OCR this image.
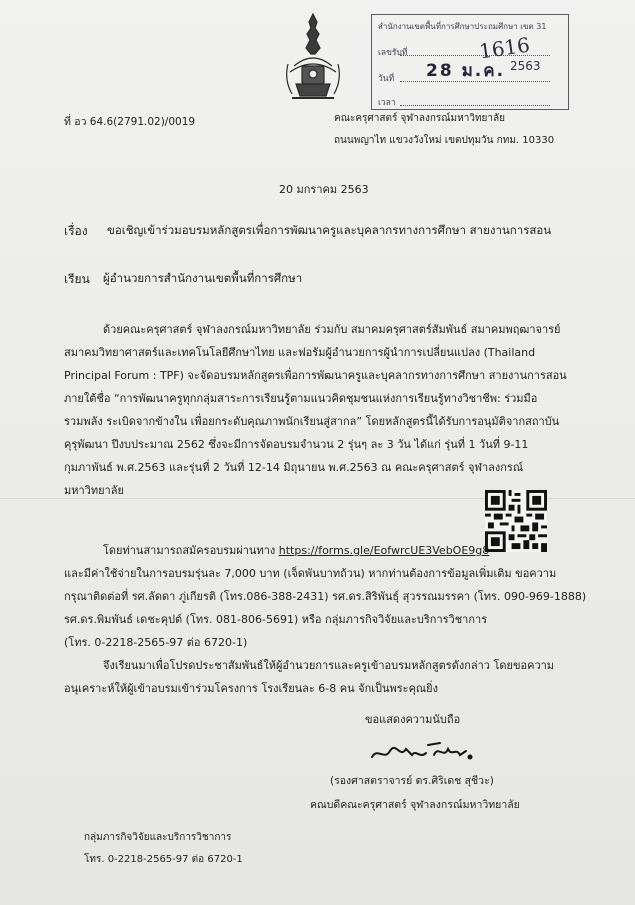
สำนักงานเขตพื้นที่การศึกษาประถมศึกษา เขต 31
เลขรับที่	1616
วันที่ 28 ม.ค. 2563
เวลา
ที่ อว 64.6(2791.02)/0019	คณะครุศาสตร์ จุฬาลงกรณ์มหาวิทยาลัย
ถนนพญาไท แขวงวังใหม่ เขตปทุมวัน กทม. 10330
20 มกราคม 2563
เรื่อง ขอเชิญเข้าร่วมอบรมหลักสูตรเพื่อการพัฒนาครูและบุคลากรทางการศึกษา สายงานการสอน
เรียน ผู้อำนวยการสำนักงานเขตพื้นที่การศึกษา
ด้วยคณะครุศาสตร์ จุฬาลงกรณ์มหาวิทยาลัย ร่วมกับ สมาคมครุศาสตร์สัมพันธ์ สมาคมพฤฒาจารย์
สมาคมวิทยาศาสตร์และเทคโนโลยีศึกษาไทย และฟอรัมผู้อำนวยการผู้นำการเปลี่ยนแปลง (Thailand
Principal Forum : TPF) จะจัดอบรมหลักสูตรเพื่อการพัฒนาครูและบุคลากรทางการศึกษา สายงานการสอน
ภายใต้ชื่อ “การพัฒนาครูทุกกลุ่มสาระการเรียนรู้ตามแนวคิดชุมชนแห่งการเรียนรู้ทางวิชาชีพ: ร่วมมือ
รวมพลัง ระเบิดจากข้างใน เพื่อยกระดับคุณภาพนักเรียนสู่สากล” โดยหลักสูตรนี้ได้รับการอนุมัติจากสถาบัน
คุรุพัฒนา ปีงบประมาณ 2562 ซึ่งจะมีการจัดอบรมจำนวน 2 รุ่นๆ ละ 3 วัน ได้แก่ รุ่นที่ 1 วันที่ 9-11
กุมภาพันธ์ พ.ศ.2563 และรุ่นที่ 2 วันที่ 12-14 มิถุนายน พ.ศ.2563 ณ คณะครุศาสตร์ จุฬาลงกรณ์
มหาวิทยาลัย
โดยท่านสามารถสมัครอบรมผ่านทาง https://forms.gle/EofwrcUE3VebOE9g8
และมีค่าใช้จ่ายในการอบรมรุ่นละ 7,000 บาท (เจ็ดพันบาทถ้วน) หากท่านต้องการข้อมูลเพิ่มเติม ขอความ
กรุณาติดต่อที่ รศ.ลัดดา ภู่เกียรติ (โทร.086-388-2431) รศ.ดร.สิริพันธุ์ สุวรรณมรรคา (โทร. 090-969-1888)
รศ.ดร.พิมพันธ์ เดชะคุปต์ (โทร. 081-806-5691) หรือ กลุ่มภารกิจวิจัยและบริการวิชาการ
(โทร. 0-2218-2565-97 ต่อ 6720-1)
จึงเรียนมาเพื่อโปรดประชาสัมพันธ์ให้ผู้อำนวยการและครูเข้าอบรมหลักสูตรดังกล่าว โดยขอความ
อนุเคราะห์ให้ผู้เข้าอบรมเข้าร่วมโครงการ โรงเรียนละ 6-8 คน จักเป็นพระคุณยิ่ง
ขอแสดงความนับถือ
(รองศาสตราจารย์ ดร.ศิริเดช สุชีวะ)
คณบดีคณะครุศาสตร์ จุฬาลงกรณ์มหาวิทยาลัย
กลุ่มภารกิจวิจัยและบริการวิชาการ
โทร. 0-2218-2565-97 ต่อ 6720-1
